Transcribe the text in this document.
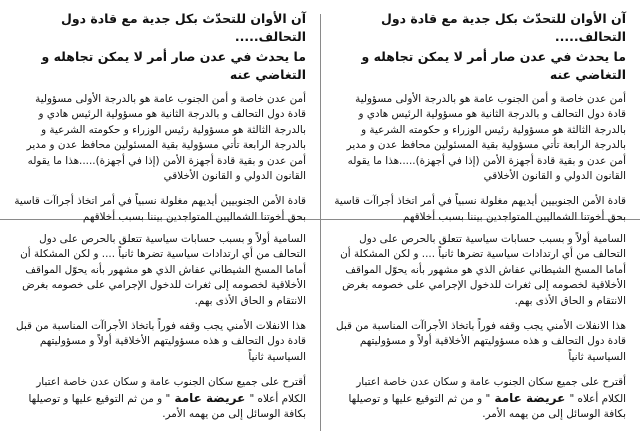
آن الأوان للتحدّث بكل جدية مع قادة دول التحالف.....

ما يحدث في عدن صار أمر لا يمكن تجاهله و التغاضي عنه

أمن عدن خاصة و أمن الجنوب عامة هو بالدرجة الأولى مسؤولية قادة دول التحالف و بالدرجة الثانية هو مسؤولية الرئيس هادي و بالدرجة الثالثة هو مسؤولية رئيس الوزراء و حكومته الشرعية و بالدرجة الرابعة تأتي مسؤولية بقية المسئولين محافظ عدن و مدير أمن عدن و بقية قادة أجهزة الأمن (إذا في أجهزة).....هذا ما يقوله القانون الدولي و القانون الأخلاقي

قادة الأمن الجنوبيين أيديهم مغلولة نسبياً في أمر اتخاذ أجراآت قاسية بحق أخوتنا الشماليين المتواجدين بيننا بسبب أخلاقهم

آن الأوان للتحدّث بكل جدية مع قادة دول التحالف.....

ما يحدث في عدن صار أمر لا يمكن تجاهله و التغاضي عنه

أمن عدن خاصة و أمن الجنوب عامة هو بالدرجة الأولى مسؤولية قادة دول التحالف و بالدرجة الثانية هو مسؤولية الرئيس هادي و بالدرجة الثالثة هو مسؤولية رئيس الوزراء و حكومته الشرعية و بالدرجة الرابعة تأتي مسؤولية بقية المسئولين محافظ عدن و مدير أمن عدن و بقية قادة أجهزة الأمن (إذا في أجهزة).....هذا ما يقوله القانون الدولي و القانون الأخلاقي

قادة الأمن الجنوبيين أيديهم مغلولة نسبياً في أمر اتخاذ أجراآت قاسية بحق أخوتنا الشماليين المتواجدين بيننا بسبب أخلاقهم

السامية أولاً و بسبب حسابات سياسية تتعلق بالحرص على دول التحالف من أي ارتدادات سياسية تضرها ثانياً .... و لكن المشكلة أن أماما المسخ الشيطاني عفاش الذي هو مشهور بأنه يحوّل المواقف الأخلاقية لخصومه إلى ثغرات للدخول الإجرامي على خصومه بغرض الانتقام و الحاق الأذى بهم.

هذا الانفلات الأمني يجب وقفه فوراً باتخاذ الأجراآت المناسبة من قبل قادة دول التحالف و هذه مسؤوليتهم الأخلاقية أولاً و مسؤوليتهم السياسية ثانياً

أقترح على جميع سكان الجنوب عامة و سكان عدن خاصة اعتبار الكلام أعلاه " عريضة عامة " و من ثم التوقيع عليها و توصيلها بكافة الوسائل إلى من يهمه الأمر.

السامية أولاً و بسبب حسابات سياسية تتعلق بالحرص على دول التحالف من أي ارتدادات سياسية تضرها ثانياً .... و لكن المشكلة أن أماما المسخ الشيطاني عفاش الذي هو مشهور بأنه يحوّل المواقف الأخلاقية لخصومه إلى ثغرات للدخول الإجرامي على خصومه بغرض الانتقام و الحاق الأذى بهم.

هذا الانفلات الأمني يجب وقفه فوراً باتخاذ الأجراآت المناسبة من قبل قادة دول التحالف و هذه مسؤوليتهم الأخلاقية أولاً و مسؤوليتهم السياسية ثانياً

أقترح على جميع سكان الجنوب عامة و سكان عدن خاصة اعتبار الكلام أعلاه " عريضة عامة " و من ثم التوقيع عليها و توصيلها بكافة الوسائل إلى من يهمه الأمر.
